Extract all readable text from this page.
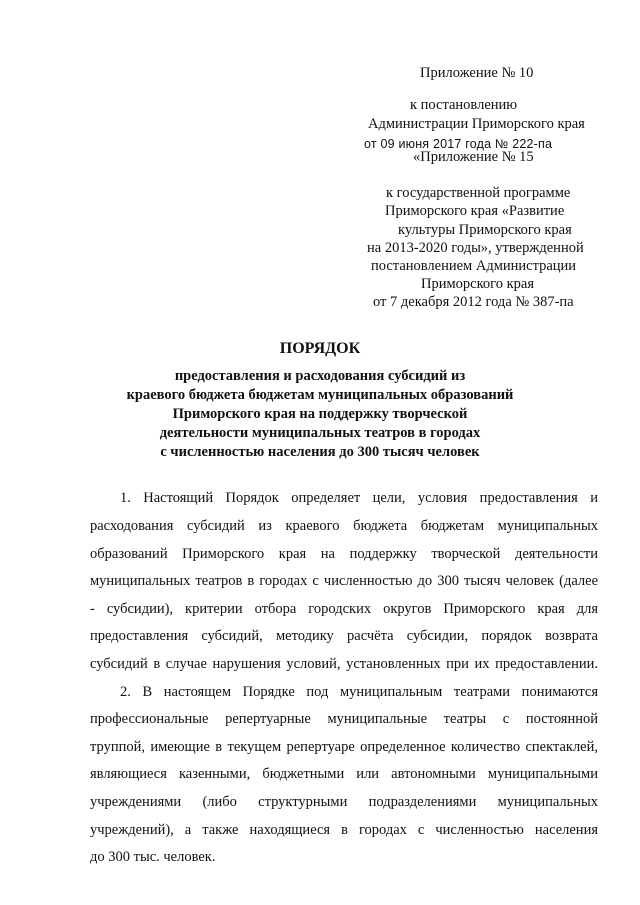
Приложение № 10
к постановлению
Администрации Приморского края
от 09 июня 2017 года № 222-па
«Приложение № 15
к государственной программе
Приморского края «Развитие
культуры Приморского края
на 2013-2020 годы», утвержденной
постановлением Администрации
Приморского края
от 7 декабря 2012 года № 387-па
ПОРЯДОК
предоставления и расходования субсидий из
краевого бюджета бюджетам муниципальных образований
Приморского края на поддержку творческой
деятельности муниципальных театров в городах
с численностью населения до 300 тысяч человек
1. Настоящий Порядок определяет цели, условия предоставления и
расходования субсидий из краевого бюджета бюджетам муниципальных
образований Приморского края на поддержку творческой деятельности
муниципальных театров в городах с численностью до 300 тысяч человек (далее
- субсидии), критерии отбора городских округов Приморского края для
предоставления субсидий, методику расчёта субсидии, порядок возврата
субсидий в случае нарушения условий, установленных при их предоставлении.
2. В настоящем Порядке под муниципальным театрами понимаются
профессиональные репертуарные муниципальные театры с постоянной
труппой, имеющие в текущем репертуаре определенное количество спектаклей,
являющиеся казенными, бюджетными или автономными муниципальными
учреждениями (либо структурными подразделениями муниципальных
учреждений), а также находящиеся в городах с численностью населения
до 300 тыс. человек.
